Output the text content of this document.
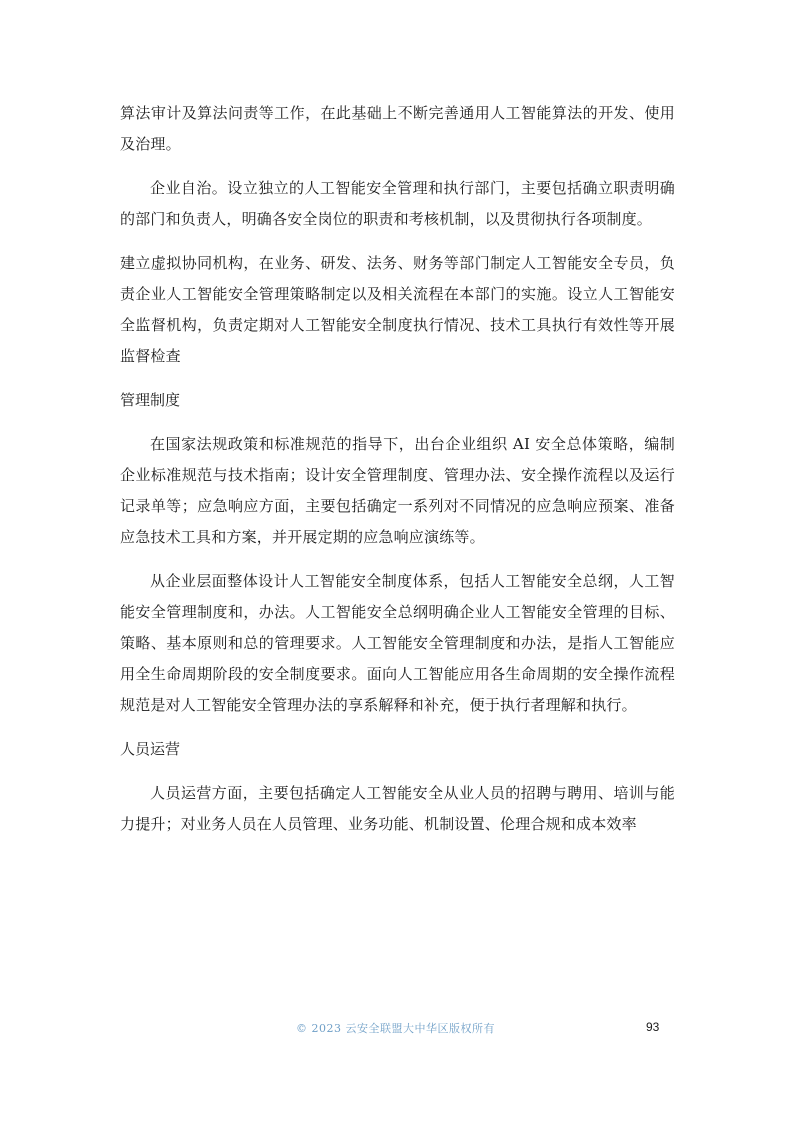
算法审计及算法问责等工作，在此基础上不断完善通用人工智能算法的开发、使用及治理。

企业自治。设立独立的人工智能安全管理和执行部门，主要包括确立职责明确的部门和负责人，明确各安全岗位的职责和考核机制，以及贯彻执行各项制度。

建立虚拟协同机构，在业务、研发、法务、财务等部门制定人工智能安全专员，负责企业人工智能安全管理策略制定以及相关流程在本部门的实施。设立人工智能安全监督机构，负责定期对人工智能安全制度执行情况、技术工具执行有效性等开展监督检查

管理制度

在国家法规政策和标准规范的指导下，出台企业组织 AI 安全总体策略，编制企业标准规范与技术指南；设计安全管理制度、管理办法、安全操作流程以及运行记录单等；应急响应方面，主要包括确定一系列对不同情况的应急响应预案、准备应急技术工具和方案，并开展定期的应急响应演练等。

从企业层面整体设计人工智能安全制度体系，包括人工智能安全总纲，人工智能安全管理制度和，办法。人工智能安全总纲明确企业人工智能安全管理的目标、策略、基本原则和总的管理要求。人工智能安全管理制度和办法，是指人工智能应用全生命周期阶段的安全制度要求。面向人工智能应用各生命周期的安全操作流程规范是对人工智能安全管理办法的享系解释和补充，便于执行者理解和执行。

人员运营

人员运营方面，主要包括确定人工智能安全从业人员的招聘与聘用、培训与能力提升；对业务人员在人员管理、业务功能、机制设置、伦理合规和成本效率

© 2023 云安全联盟大中华区版权所有	93
